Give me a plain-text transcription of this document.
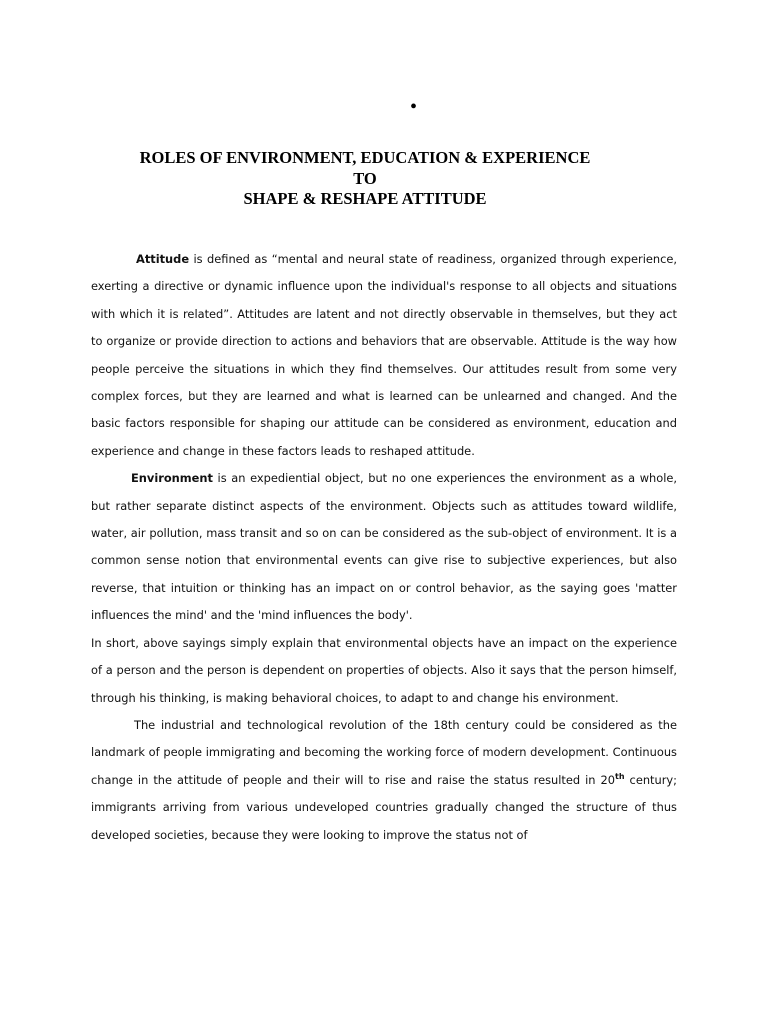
•
ROLES OF ENVIRONMENT, EDUCATION & EXPERIENCE
TO
SHAPE & RESHAPE ATTITUDE

Attitude is defined as “mental and neural state of readiness, organized through experience, exerting a directive or dynamic influence upon the individual's response to all objects and situations with which it is related”. Attitudes are latent and not directly observable in themselves, but they act to organize or provide direction to actions and behaviors that are observable. Attitude is the way how people perceive the situations in which they find themselves. Our attitudes result from some very complex forces, but they are learned and what is learned can be unlearned and changed. And the basic factors responsible for shaping our attitude can be considered as environment, education and experience and change in these factors leads to reshaped attitude.

Environment is an expediential object, but no one experiences the environment as a whole, but rather separate distinct aspects of the environment. Objects such as attitudes toward wildlife, water, air pollution, mass transit and so on can be considered as the sub-object of environment. It is a common sense notion that environmental events can give rise to subjective experiences, but also reverse, that intuition or thinking has an impact on or control behavior, as the saying goes 'matter influences the mind' and the 'mind influences the body'.

In short, above sayings simply explain that environmental objects have an impact on the experience of a person and the person is dependent on properties of objects. Also it says that the person himself, through his thinking, is making behavioral choices, to adapt to and change his environment.

The industrial and technological revolution of the 18th century could be considered as the landmark of people immigrating and becoming the working force of modern development. Continuous change in the attitude of people and their will to rise and raise the status resulted in 20th century; immigrants arriving from various undeveloped countries gradually changed the structure of thus developed societies, because they were looking to improve the status not of
